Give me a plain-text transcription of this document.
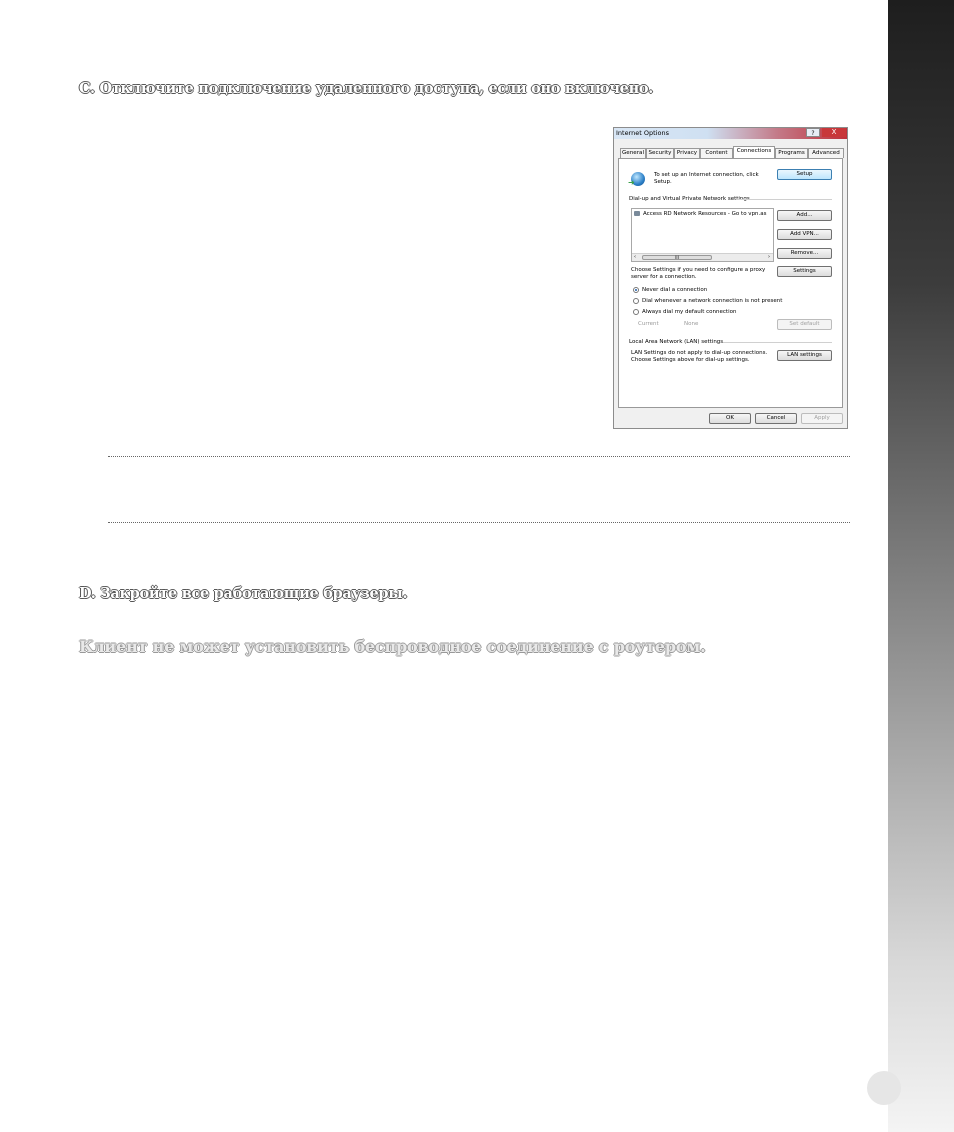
C. Отключите подключение удаленного доступа, если оно включено.
Internet Options	?	X
General Security Privacy	Content	Connections	Programs	Advanced
➜
To set up an Internet connection, click
Setup.
Setup
Dial-up and Virtual Private Network settings
Access RD Network Resources - Go to vpn.as
‹	III	›
Add...
Add VPN...
Remove...
Choose Settings if you need to configure a proxy
server for a connection.
Settings
Never dial a connection
Dial whenever a network connection is not present
Always dial my default connection
Current	None	Set default
Local Area Network (LAN) settings
LAN Settings do not apply to dial-up connections.
Choose Settings above for dial-up settings.
LAN settings
OK	Cancel	Apply
D. Закройте все работающие браузеры.
Клиент не может установить беспроводное соединение с роутером.
